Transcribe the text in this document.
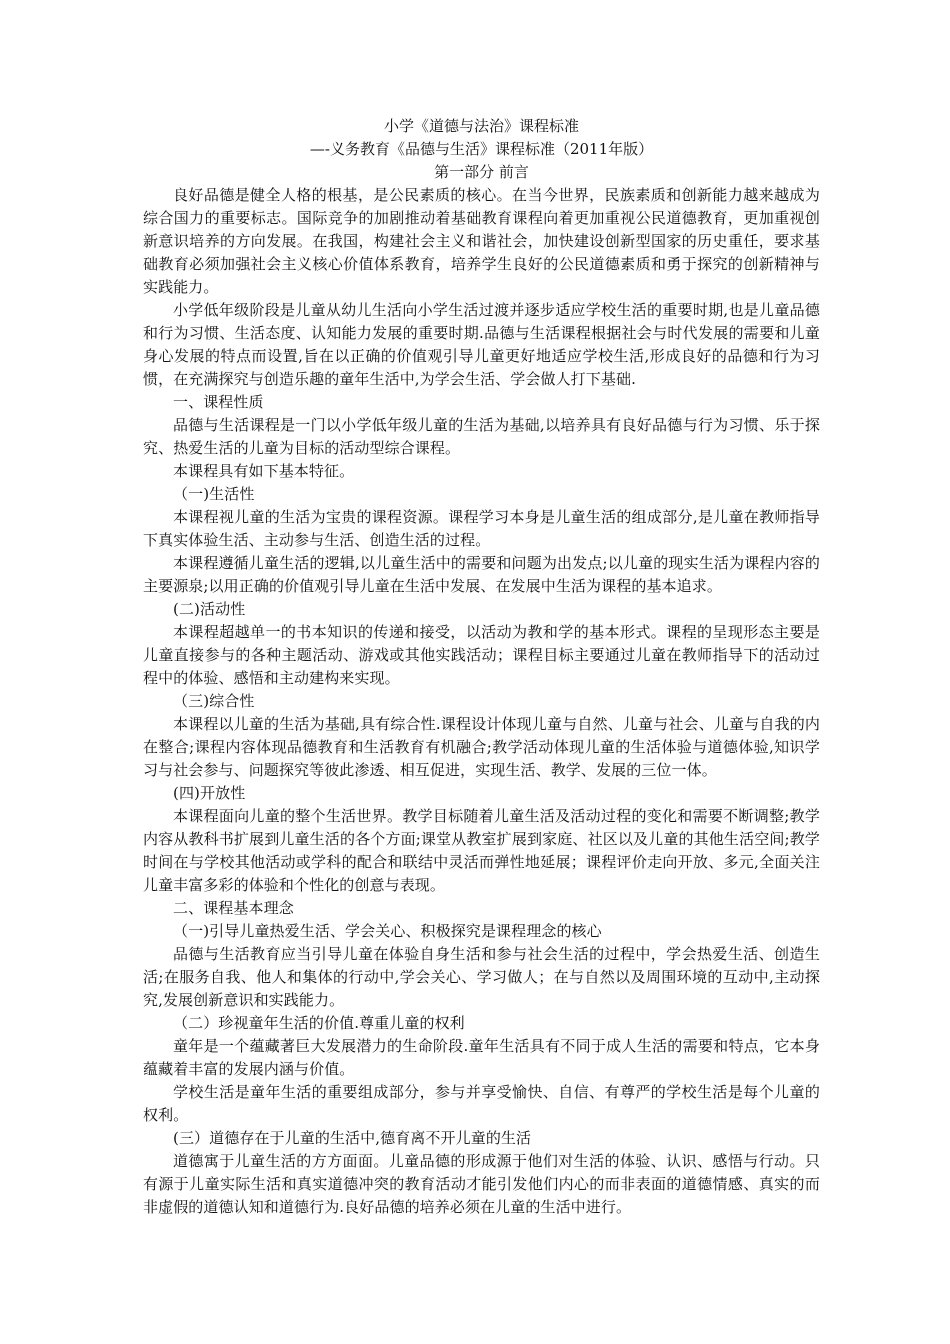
小学《道德与法治》课程标准
—-义务教育《品德与生活》课程标准（2011年版）
第一部分 前言

良好品德是健全人格的根基，是公民素质的核心。在当今世界，民族素质和创新能力越来越成为综合国力的重要标志。国际竞争的加剧推动着基础教育课程向着更加重视公民道德教育，更加重视创新意识培养的方向发展。在我国，构建社会主义和谐社会，加快建设创新型国家的历史重任，要求基础教育必须加强社会主义核心价值体系教育，培养学生良好的公民道德素质和勇于探究的创新精神与实践能力。

小学低年级阶段是儿童从幼儿生活向小学生活过渡并逐步适应学校生活的重要时期,也是儿童品德和行为习惯、生活态度、认知能力发展的重要时期.品德与生活课程根据社会与时代发展的需要和儿童身心发展的特点而设置,旨在以正确的价值观引导儿童更好地适应学校生活,形成良好的品德和行为习惯，在充满探究与创造乐趣的童年生活中,为学会生活、学会做人打下基础.

一、课程性质

品德与生活课程是一门以小学低年级儿童的生活为基础,以培养具有良好品德与行为习惯、乐于探究、热爱生活的儿童为目标的活动型综合课程。

本课程具有如下基本特征。

（一)生活性

本课程视儿童的生活为宝贵的课程资源。课程学习本身是儿童生活的组成部分,是儿童在教师指导下真实体验生活、主动参与生活、创造生活的过程。

本课程遵循儿童生活的逻辑,以儿童生活中的需要和问题为出发点;以儿童的现实生活为课程内容的主要源泉;以用正确的价值观引导儿童在生活中发展、在发展中生活为课程的基本追求。

(二)活动性

本课程超越单一的书本知识的传递和接受，以活动为教和学的基本形式。课程的呈现形态主要是儿童直接参与的各种主题活动、游戏或其他实践活动；课程目标主要通过儿童在教师指导下的活动过程中的体验、感悟和主动建构来实现。

（三)综合性

本课程以儿童的生活为基础,具有综合性.课程设计体现儿童与自然、儿童与社会、儿童与自我的内在整合;课程内容体现品德教育和生活教育有机融合;教学活动体现儿童的生活体验与道德体验,知识学习与社会参与、问题探究等彼此渗透、相互促进，实现生活、教学、发展的三位一体。

(四)开放性

本课程面向儿童的整个生活世界。教学目标随着儿童生活及活动过程的变化和需要不断调整;教学内容从教科书扩展到儿童生活的各个方面;课堂从教室扩展到家庭、社区以及儿童的其他生活空间;教学时间在与学校其他活动或学科的配合和联结中灵活而弹性地延展；课程评价走向开放、多元,全面关注儿童丰富多彩的体验和个性化的创意与表现。

二、课程基本理念

（一)引导儿童热爱生活、学会关心、积极探究是课程理念的核心

品德与生活教育应当引导儿童在体验自身生活和参与社会生活的过程中，学会热爱生活、创造生活;在服务自我、他人和集体的行动中,学会关心、学习做人；在与自然以及周围环境的互动中,主动探究,发展创新意识和实践能力。

（二）珍视童年生活的价值.尊重儿童的权利

童年是一个蕴藏著巨大发展潜力的生命阶段.童年生活具有不同于成人生活的需要和特点，它本身蕴藏着丰富的发展内涵与价值。

学校生活是童年生活的重要组成部分，参与并享受愉快、自信、有尊严的学校生活是每个儿童的权利。

(三）道德存在于儿童的生活中,德育离不开儿童的生活

道德寓于儿童生活的方方面面。儿童品德的形成源于他们对生活的体验、认识、感悟与行动。只有源于儿童实际生活和真实道德冲突的教育活动才能引发他们内心的而非表面的道德情感、真实的而非虚假的道德认知和道德行为.良好品德的培养必须在儿童的生活中进行。
